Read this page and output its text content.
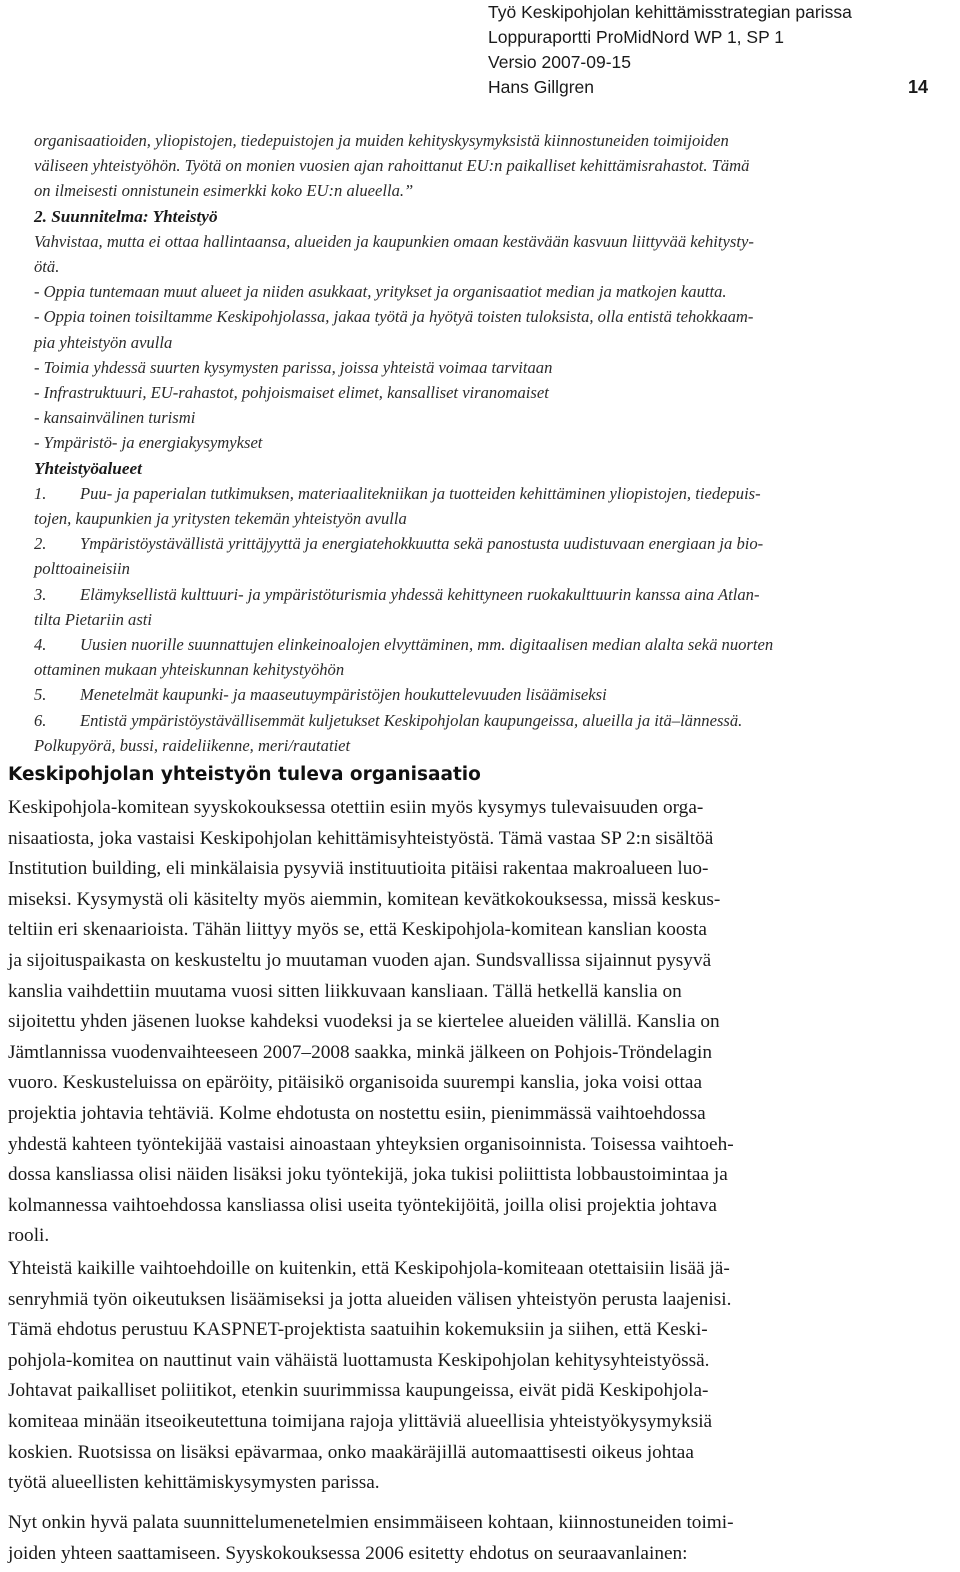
Työ Keskipohjolan kehittämisstrategian parissa
Loppuraportti ProMidNord WP 1, SP 1
Versio 2007-09-15
Hans Gillgren	14

organisaatioiden, yliopistojen, tiedepuistojen ja muiden kehityskysymyksistä kiinnostuneiden toimijoiden

väliseen yhteistyöhön. Työtä on monien vuosien ajan rahoittanut EU:n paikalliset kehittämisrahastot. Tämä

on ilmeisesti onnistunein esimerkki koko EU:n alueella.”

2. Suunnitelma: Yhteistyö

Vahvistaa, mutta ei ottaa hallintaansa, alueiden ja kaupunkien omaan kestävään kasvuun liittyvää kehitysty-

ötä.

- Oppia tuntemaan muut alueet ja niiden asukkaat, yritykset ja organisaatiot median ja matkojen kautta.

- Oppia toinen toisiltamme Keskipohjolassa, jakaa työtä ja hyötyä toisten tuloksista, olla entistä tehokkaam-

pia yhteistyön avulla

- Toimia yhdessä suurten kysymysten parissa, joissa yhteistä voimaa tarvitaan

- Infrastruktuuri, EU-rahastot, pohjoismaiset elimet, kansalliset viranomaiset

- kansainvälinen turismi

- Ympäristö- ja energiakysymykset

Yhteistyöalueet

1. Puu- ja paperialan tutkimuksen, materiaalitekniikan ja tuotteiden kehittäminen yliopistojen, tiedepuis-

tojen, kaupunkien ja yritysten tekemän yhteistyön avulla

2. Ympäristöystävällistä yrittäjyyttä ja energiatehokkuutta sekä panostusta uudistuvaan energiaan ja bio-

polttoaineisiin

3. Elämyksellistä kulttuuri- ja ympäristöturismia yhdessä kehittyneen ruokakulttuurin kanssa aina Atlan-

tilta Pietariin asti

4. Uusien nuorille suunnattujen elinkeinoalojen elvyttäminen, mm. digitaalisen median alalta sekä nuorten

ottaminen mukaan yhteiskunnan kehitystyöhön

5. Menetelmät kaupunki- ja maaseutuympäristöjen houkuttelevuuden lisäämiseksi

6. Entistä ympäristöystävällisemmät kuljetukset Keskipohjolan kaupungeissa, alueilla ja itä–lännessä.

Polkupyörä, bussi, raideliikenne, meri/rautatiet

Keskipohjolan yhteistyön tuleva organisaatio

Keskipohjola-komitean syyskokouksessa otettiin esiin myös kysymys tulevaisuuden orga-

nisaatiosta, joka vastaisi Keskipohjolan kehittämisyhteistyöstä. Tämä vastaa SP 2:n sisältöä

Institution building, eli minkälaisia pysyviä instituutioita pitäisi rakentaa makroalueen luo-

miseksi. Kysymystä oli käsitelty myös aiemmin, komitean kevätkokouksessa, missä keskus-

teltiin eri skenaarioista. Tähän liittyy myös se, että Keskipohjola-komitean kanslian koosta

ja sijoituspaikasta on keskusteltu jo muutaman vuoden ajan. Sundsvallissa sijainnut pysyvä

kanslia vaihdettiin muutama vuosi sitten liikkuvaan kansliaan. Tällä hetkellä kanslia on

sijoitettu yhden jäsenen luokse kahdeksi vuodeksi ja se kiertelee alueiden välillä. Kanslia on

Jämtlannissa vuodenvaihteeseen 2007–2008 saakka, minkä jälkeen on Pohjois-Tröndelagin

vuoro. Keskusteluissa on epäröity, pitäisikö organisoida suurempi kanslia, joka voisi ottaa

projektia johtavia tehtäviä. Kolme ehdotusta on nostettu esiin, pienimmässä vaihtoehdossa

yhdestä kahteen työntekijää vastaisi ainoastaan yhteyksien organisoinnista. Toisessa vaihtoeh-

dossa kansliassa olisi näiden lisäksi joku työntekijä, joka tukisi poliittista lobbaustoimintaa ja

kolmannessa vaihtoehdossa kansliassa olisi useita työntekijöitä, joilla olisi projektia johtava

rooli.

Yhteistä kaikille vaihtoehdoille on kuitenkin, että Keskipohjola-komiteaan otettaisiin lisää jä-

senryhmiä työn oikeutuksen lisäämiseksi ja jotta alueiden välisen yhteistyön perusta laajenisi.

Tämä ehdotus perustuu KASPNET-projektista saatuihin kokemuksiin ja siihen, että Keski-

pohjola-komitea on nauttinut vain vähäistä luottamusta Keskipohjolan kehitysyhteistyössä.

Johtavat paikalliset poliitikot, etenkin suurimmissa kaupungeissa, eivät pidä Keskipohjola-

komiteaa minään itseoikeutettuna toimijana rajoja ylittäviä alueellisia yhteistyökysymyksiä

koskien. Ruotsissa on lisäksi epävarmaa, onko maakäräjillä automaattisesti oikeus johtaa

työtä alueellisten kehittämiskysymysten parissa.

Nyt onkin hyvä palata suunnittelumenetelmien ensimmäiseen kohtaan, kiinnostuneiden toimi-

joiden yhteen saattamiseen. Syyskokouksessa 2006 esitetty ehdotus on seuraavanlainen:
